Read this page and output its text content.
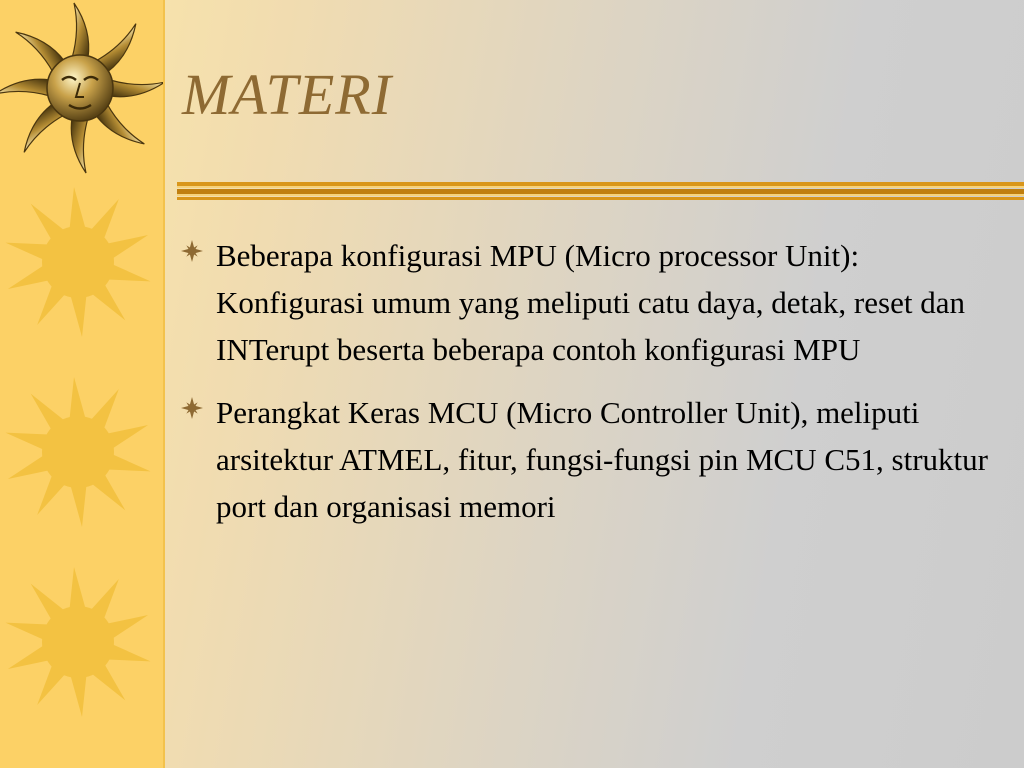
MATERI
Beberapa konfigurasi MPU (Micro processor Unit): Konfigurasi umum yang meliputi catu daya, detak, reset dan INTerupt beserta beberapa contoh konfigurasi MPU
Perangkat Keras MCU (Micro Controller Unit), meliputi arsitektur ATMEL, fitur, fungsi-fungsi pin MCU C51, struktur port dan organisasi memori
